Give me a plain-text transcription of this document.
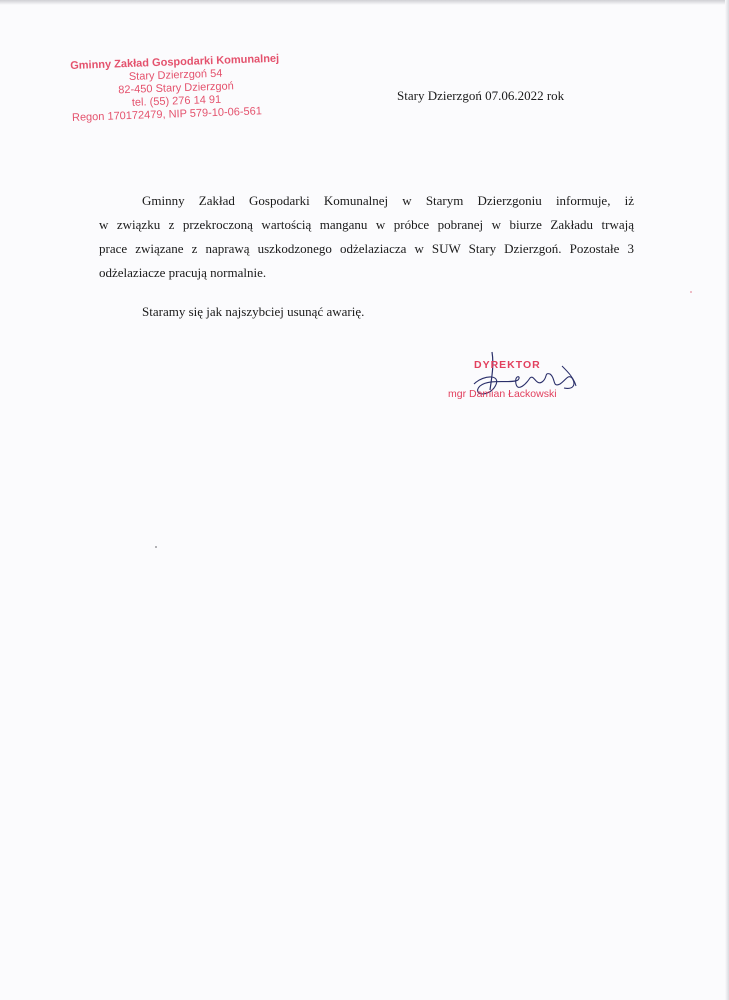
Gminny Zakład Gospodarki Komunalnej
Stary Dzierzgoń 54
82-450 Stary Dzierzgoń
tel. (55) 276 14 91
Regon 170172479, NIP 579-10-06-561
Stary Dzierzgoń 07.06.2022 rok

Gminny Zakład Gospodarki Komunalnej w Starym Dzierzgoniu informuje, iż
w związku z przekroczoną wartością manganu w próbce pobranej w biurze Zakładu trwają
prace związane z naprawą uszkodzonego odżelaziacza w SUW Stary Dzierzgoń. Pozostałe 3
odżelaziacze pracują normalnie.

Staramy się jak najszybciej usunąć awarię.

DYREKTOR
mgr Damian Łackowski
